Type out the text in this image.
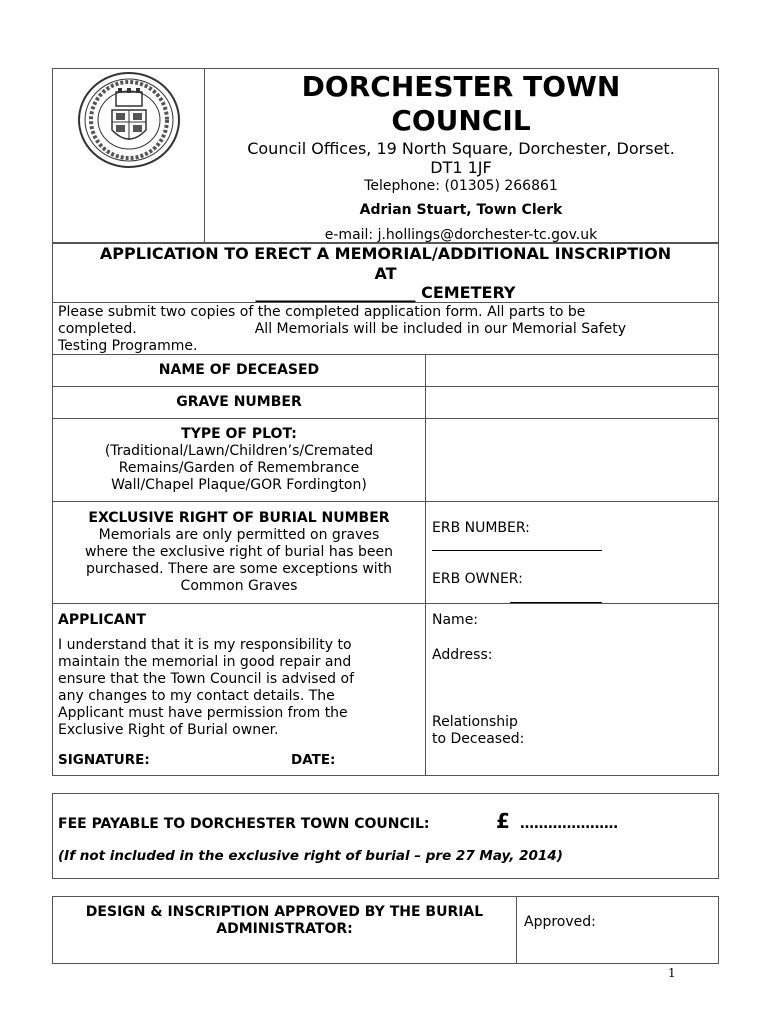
DORCHESTER TOWN
COUNCIL
Council Offices, 19 North Square, Dorchester, Dorset.
DT1 1JF
Telephone: (01305) 266861
Adrian Stuart, Town Clerk
e-mail: j.hollings@dorchester-tc.gov.uk
APPLICATION TO ERECT A MEMORIAL/ADDITIONAL INSCRIPTION
AT
____________________ CEMETERY
Please submit two copies of the completed application form. All parts to be
completed.	All Memorials will be included in our Memorial Safety
Testing Programme.
NAME OF DECEASED
GRAVE NUMBER
TYPE OF PLOT:
(Traditional/Lawn/Children’s/Cremated
Remains/Garden of Remembrance
Wall/Chapel Plaque/GOR Fordington)
EXCLUSIVE RIGHT OF BURIAL NUMBER
Memorials are only permitted on graves
where the exclusive right of burial has been
purchased. There are some exceptions with
Common Graves
ERB NUMBER:
ERB OWNER:
APPLICANT
I understand that it is my responsibility to
maintain the memorial in good repair and
ensure that the Town Council is advised of
any changes to my contact details. The
Applicant must have permission from the
Exclusive Right of Burial owner.
SIGNATURE:	DATE:
Name:
Address:
Relationship
to Deceased:
FEE PAYABLE TO DORCHESTER TOWN COUNCIL:	£ …………………
(If not included in the exclusive right of burial – pre 27 May, 2014)
DESIGN & INSCRIPTION APPROVED BY THE BURIAL
ADMINISTRATOR:	Approved:
1
